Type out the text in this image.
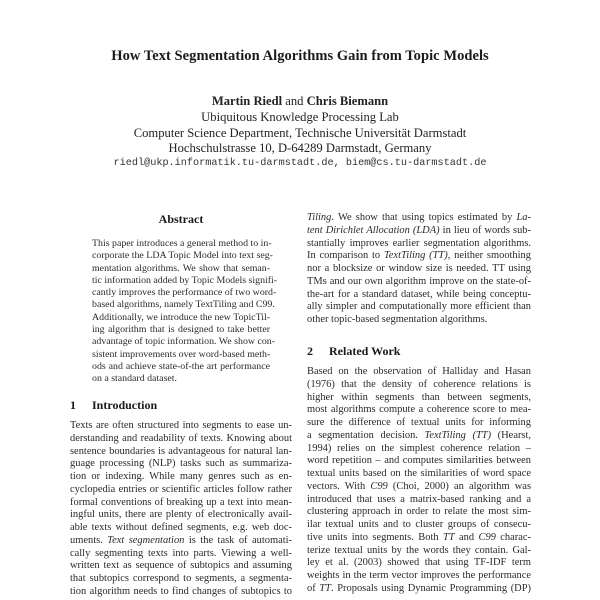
How Text Segmentation Algorithms Gain from Topic Models
Martin Riedl and Chris Biemann
Ubiquitous Knowledge Processing Lab
Computer Science Department, Technische Universität Darmstadt
Hochschulstrasse 10, D-64289 Darmstadt, Germany
riedl@ukp.informatik.tu-darmstadt.de, biem@cs.tu-darmstadt.de
Abstract
This paper introduces a general method to in-
corporate the LDA Topic Model into text seg-
mentation algorithms. We show that seman-
tic information added by Topic Models signifi-
cantly improves the performance of two word-
based algorithms, namely TextTiling and C99.
Additionally, we introduce the new TopicTil-
ing algorithm that is designed to take better
advantage of topic information. We show con-
sistent improvements over word-based meth-
ods and achieve state-of-the art performance
on a standard dataset.
1 Introduction
Texts are often structured into segments to ease un-
derstanding and readability of texts. Knowing about
sentence boundaries is advantageous for natural lan-
guage processing (NLP) tasks such as summariza-
tion or indexing. While many genres such as en-
cyclopedia entries or scientific articles follow rather
formal conventions of breaking up a text into mean-
ingful units, there are plenty of electronically avail-
able texts without defined segments, e.g. web doc-
uments. Text segmentation is the task of automati-
cally segmenting texts into parts. Viewing a well-
written text as sequence of subtopics and assuming
that subtopics correspond to segments, a segmenta-
tion algorithm needs to find changes of subtopics to
Tiling. We show that using topics estimated by La-
tent Dirichlet Allocation (LDA) in lieu of words sub-
stantially improves earlier segmentation algorithms.
In comparison to TextTiling (TT), neither smoothing
nor a blocksize or window size is needed. TT using
TMs and our own algorithm improve on the state-of-
the-art for a standard dataset, while being conceptu-
ally simpler and computationally more efficient than
other topic-based segmentation algorithms.
2 Related Work
Based on the observation of Halliday and Hasan
(1976) that the density of coherence relations is
higher within segments than between segments,
most algorithms compute a coherence score to mea-
sure the difference of textual units for informing
a segmentation decision. TextTiling (TT) (Hearst,
1994) relies on the simplest coherence relation –
word repetition – and computes similarities between
textual units based on the similarities of word space
vectors. With C99 (Choi, 2000) an algorithm was
introduced that uses a matrix-based ranking and a
clustering approach in order to relate the most sim-
ilar textual units and to cluster groups of consecu-
tive units into segments. Both TT and C99 charac-
terize textual units by the words they contain. Gal-
ley et al. (2003) showed that using TF-IDF term
weights in the term vector improves the performance
of TT. Proposals using Dynamic Programming (DP)
